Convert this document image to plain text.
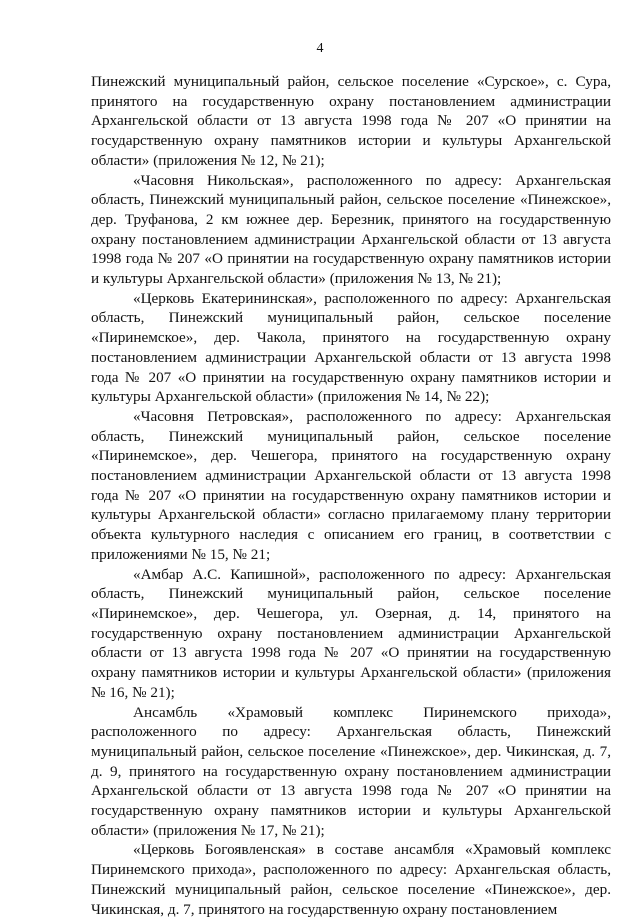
4

Пинежский муниципальный район, сельское поселение «Сурское», с. Сура, принятого на государственную охрану постановлением администрации Архангельской области от 13 августа 1998 года № 207 «О принятии на государственную охрану памятников истории и культуры Архангельской области» (приложения № 12, № 21);

«Часовня Никольская», расположенного по адресу: Архангельская область, Пинежский муниципальный район, сельское поселение «Пинежское», дер. Труфанова, 2 км южнее дер. Березник, принятого на государственную охрану постановлением администрации Архангельской области от 13 августа 1998 года № 207 «О принятии на государственную охрану памятников истории и культуры Архангельской области» (приложения № 13, № 21);

«Церковь Екатерининская», расположенного по адресу: Архангельская область, Пинежский муниципальный район, сельское поселение «Пиринемское», дер. Чакола, принятого на государственную охрану постановлением администрации Архангельской области от 13 августа 1998 года № 207 «О принятии на государственную охрану памятников истории и культуры Архангельской области» (приложения № 14, № 22);

«Часовня Петровская», расположенного по адресу: Архангельская область, Пинежский муниципальный район, сельское поселение «Пиринемское», дер. Чешегора, принятого на государственную охрану постановлением администрации Архангельской области от 13 августа 1998 года № 207 «О принятии на государственную охрану памятников истории и культуры Архангельской области» согласно прилагаемому плану территории объекта культурного наследия с описанием его границ, в соответствии с приложениями № 15, № 21;

«Амбар А.С. Капишной», расположенного по адресу: Архангельская область, Пинежский муниципальный район, сельское поселение «Пиринемское», дер. Чешегора, ул. Озерная, д. 14, принятого на государственную охрану постановлением администрации Архангельской области от 13 августа 1998 года № 207 «О принятии на государственную охрану памятников истории и культуры Архангельской области» (приложения № 16, № 21);

Ансамбль «Храмовый комплекс Пиринемского прихода», расположенного по адресу: Архангельская область, Пинежский муниципальный район, сельское поселение «Пинежское», дер. Чикинская, д. 7, д. 9, принятого на государственную охрану постановлением администрации Архангельской области от 13 августа 1998 года № 207 «О принятии на государственную охрану памятников истории и культуры Архангельской области» (приложения № 17, № 21);

«Церковь Богоявленская» в составе ансамбля «Храмовый комплекс Пиринемского прихода», расположенного по адресу: Архангельская область, Пинежский муниципальный район, сельское поселение «Пинежское», дер. Чикинская, д. 7, принятого на государственную охрану постановлением
